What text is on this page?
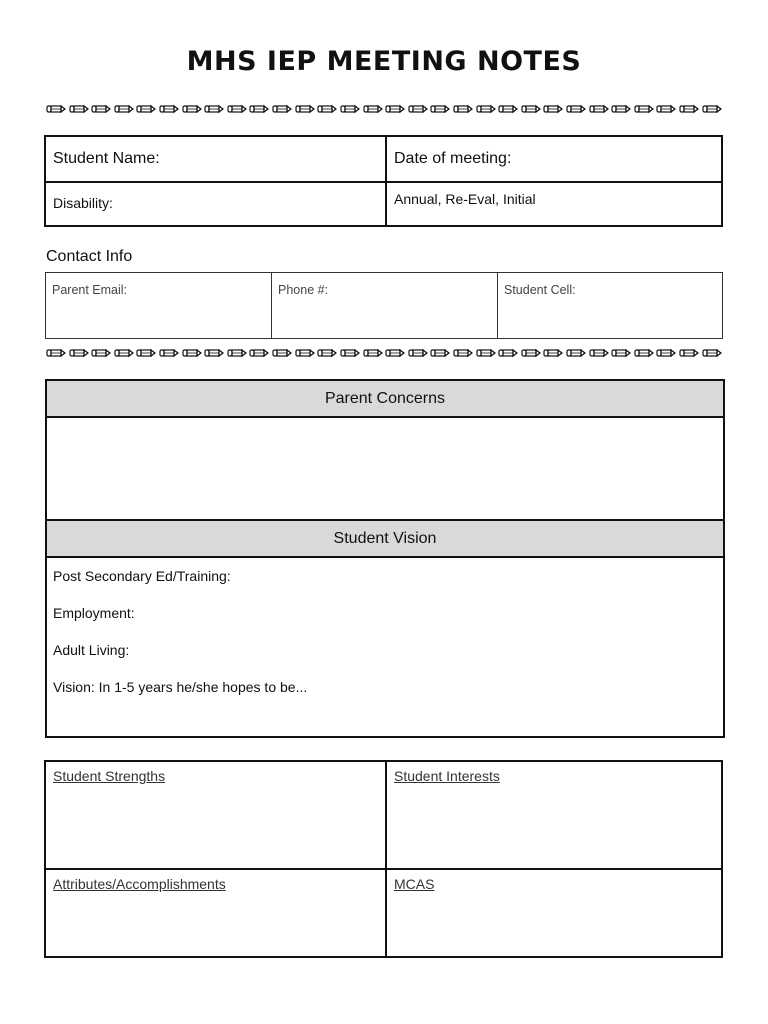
MHS IEP MEETING NOTES
Student Name:	Date of meeting:
Disability:	Annual, Re-Eval, Initial
Contact Info
Parent Email:	Phone #:	Student Cell:
Parent Concerns
Student Vision
Post Secondary Ed/Training:
Employment:
Adult Living:
Vision: In 1-5 years he/she hopes to be...
Student Strengths	Student Interests
Attributes/Accomplishments	MCAS
